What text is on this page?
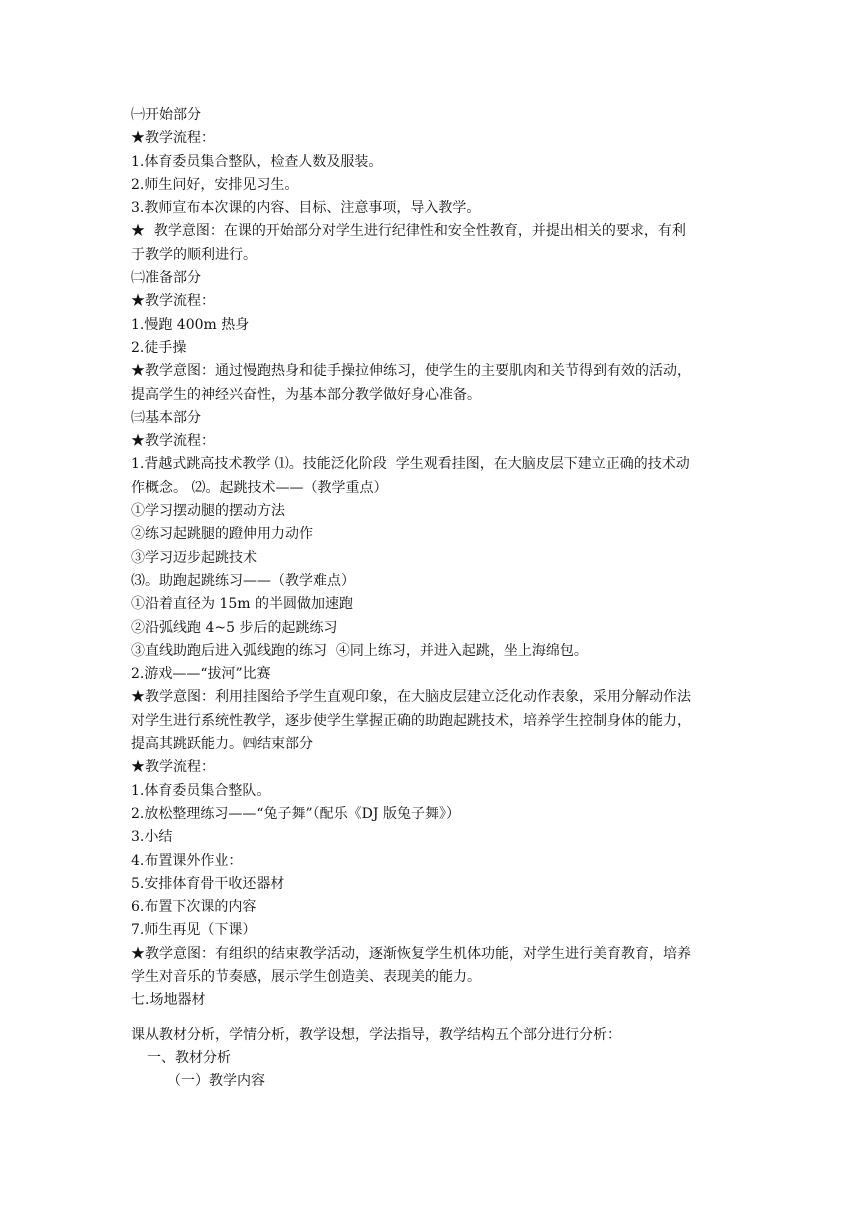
㈠开始部分
★教学流程：
1.体育委员集合整队，检查人数及服装。
2.师生问好，安排见习生。
3.教师宣布本次课的内容、目标、注意事项，导入教学。
★  教学意图：在课的开始部分对学生进行纪律性和安全性教育，并提出相关的要求，有利
于教学的顺利进行。
㈡准备部分
★教学流程：
1.慢跑 400m 热身
2.徒手操
★教学意图：通过慢跑热身和徒手操拉伸练习，使学生的主要肌肉和关节得到有效的活动，
提高学生的神经兴奋性，为基本部分教学做好身心准备。
㈢基本部分
★教学流程：
1.背越式跳高技术教学 ⑴。技能泛化阶段  学生观看挂图，在大脑皮层下建立正确的技术动
作概念。 ⑵。起跳技术——（教学重点）
①学习摆动腿的摆动方法
②练习起跳腿的蹬伸用力动作
③学习迈步起跳技术
⑶。助跑起跳练习——（教学难点）
①沿着直径为 15m 的半圆做加速跑
②沿弧线跑 4~5 步后的起跳练习
③直线助跑后进入弧线跑的练习  ④同上练习，并进入起跳，坐上海绵包。
2.游戏——“拔河”比赛
★教学意图：利用挂图给予学生直观印象，在大脑皮层建立泛化动作表象，采用分解动作法
对学生进行系统性教学，逐步使学生掌握正确的助跑起跳技术，培养学生控制身体的能力，
提高其跳跃能力。㈣结束部分
★教学流程：
1.体育委员集合整队。
2.放松整理练习——“兔子舞”（配乐《DJ 版兔子舞》）
3.小结
4.布置课外作业：
5.安排体育骨干收还器材
6.布置下次课的内容
7.师生再见（下课）
★教学意图：有组织的结束教学活动，逐渐恢复学生机体功能，对学生进行美育教育，培养
学生对音乐的节奏感，展示学生创造美、表现美的能力。
七.场地器材
课从教材分析，学情分析，教学设想，学法指导，教学结构五个部分进行分析：
一、教材分析
（一）教学内容
